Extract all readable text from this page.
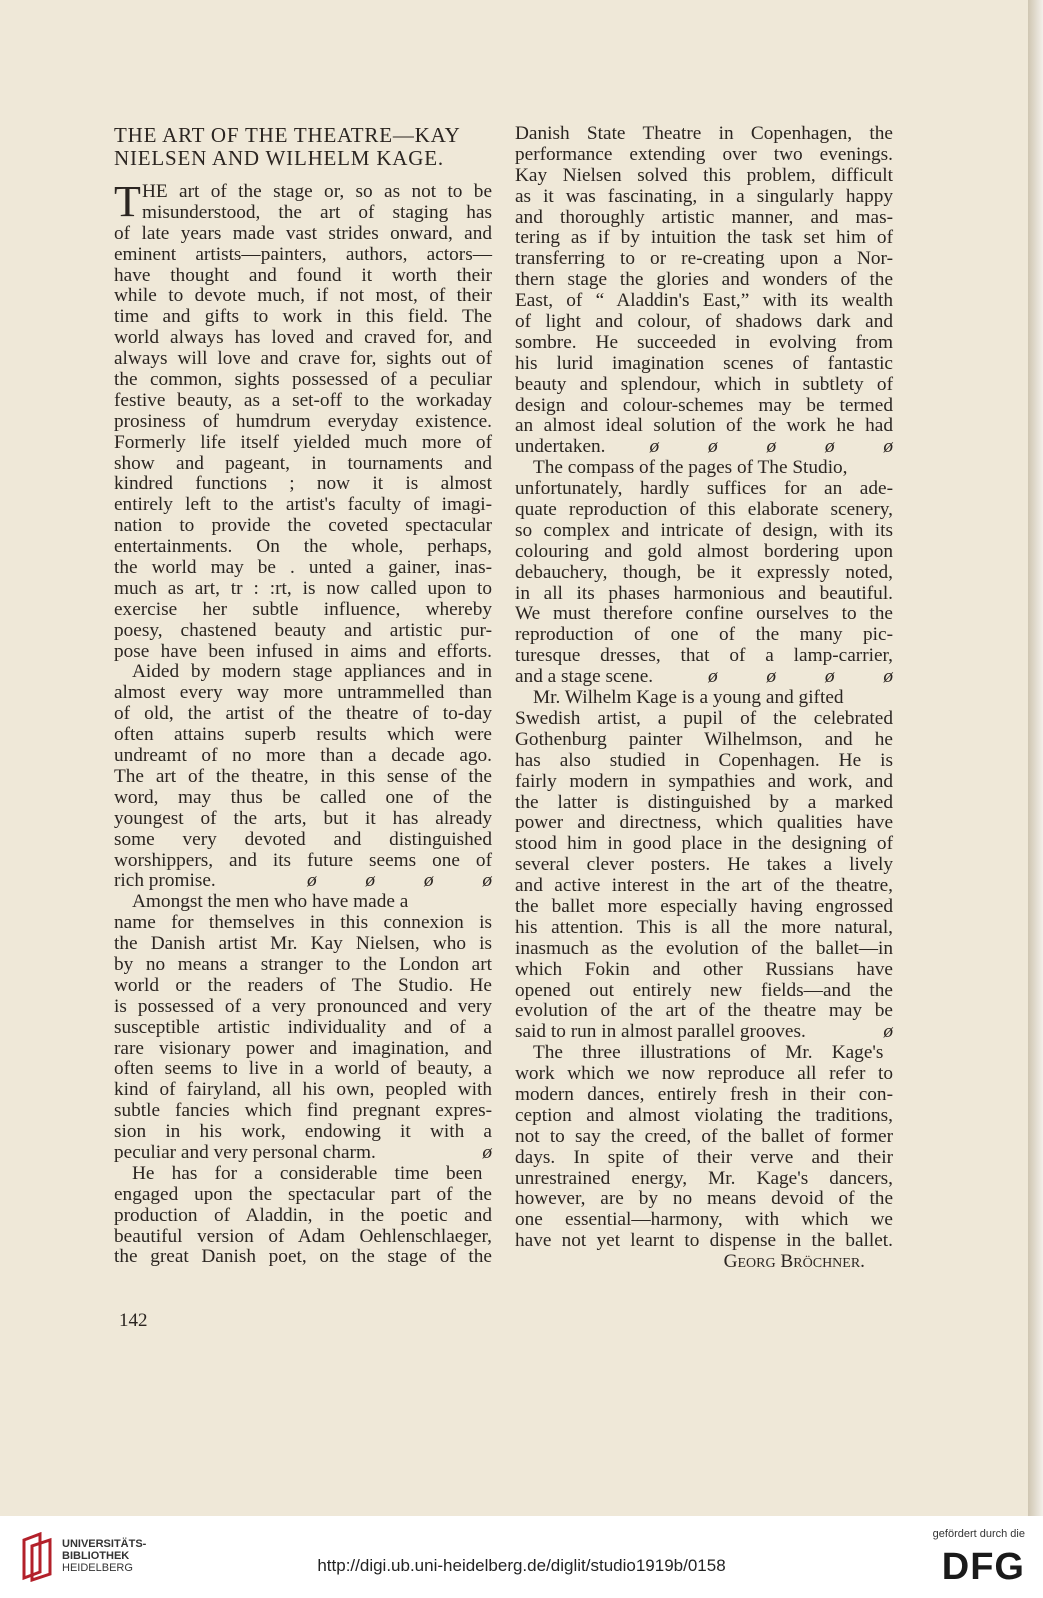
THE ART OF THE THEATRE—KAY
NIELSEN AND WILHELM KAGE.
T HE art of the stage or, so as not to be
misunderstood, the art of staging has
of late years made vast strides onward, and
eminent artists—painters, authors, actors—
have thought and found it worth their
while to devote much, if not most, of their
time and gifts to work in this field. The
world always has loved and craved for, and
always will love and crave for, sights out of
the common, sights possessed of a peculiar
festive beauty, as a set-off to the workaday
prosiness of humdrum everyday existence.
Formerly life itself yielded much more of
show and pageant, in tournaments and
kindred functions ; now it is almost
entirely left to the artist's faculty of imagi-
nation to provide the coveted spectacular
entertainments. On the whole, perhaps,
the world may be . unted a gainer, inas-
much as art, tr : :rt, is now called upon to
exercise her subtle influence, whereby
poesy, chastened beauty and artistic pur-
pose have been infused in aims and efforts.
Aided by modern stage appliances and in
almost every way more untrammelled than
of old, the artist of the theatre of to-day
often attains superb results which were
undreamt of no more than a decade ago.
The art of the theatre, in this sense of the
word, may thus be called one of the
youngest of the arts, but it has already
some very devoted and distinguished
worshippers, and its future seems one of
rich promise.	ø ø ø ø
Amongst the men who have made a
name for themselves in this connexion is
the Danish artist Mr. Kay Nielsen, who is
by no means a stranger to the London art
world or the readers of The Studio. He
is possessed of a very pronounced and very
susceptible artistic individuality and of a
rare visionary power and imagination, and
often seems to live in a world of beauty, a
kind of fairyland, all his own, peopled with
subtle fancies which find pregnant expres-
sion in his work, endowing it with a
peculiar and very personal charm.	ø
He has for a considerable time been
engaged upon the spectacular part of the
production of Aladdin, in the poetic and
beautiful version of Adam Oehlenschlaeger,
the great Danish poet, on the stage of the
Danish State Theatre in Copenhagen, the
performance extending over two evenings.
Kay Nielsen solved this problem, difficult
as it was fascinating, in a singularly happy
and thoroughly artistic manner, and mas-
tering as if by intuition the task set him of
transferring to or re-creating upon a Nor-
thern stage the glories and wonders of the
East, of “ Aladdin's East,” with its wealth
of light and colour, of shadows dark and
sombre. He succeeded in evolving from
his lurid imagination scenes of fantastic
beauty and splendour, which in subtlety of
design and colour-schemes may be termed
an almost ideal solution of the work he had
undertaken. ø ø ø ø ø
The compass of the pages of The Studio,
unfortunately, hardly suffices for an ade-
quate reproduction of this elaborate scenery,
so complex and intricate of design, with its
colouring and gold almost bordering upon
debauchery, though, be it expressly noted,
in all its phases harmonious and beautiful.
We must therefore confine ourselves to the
reproduction of one of the many pic-
turesque dresses, that of a lamp-carrier,
and a stage scene.	ø ø ø ø
Mr. Wilhelm Kage is a young and gifted
Swedish artist, a pupil of the celebrated
Gothenburg painter Wilhelmson, and he
has also studied in Copenhagen. He is
fairly modern in sympathies and work, and
the latter is distinguished by a marked
power and directness, which qualities have
stood him in good place in the designing of
several clever posters. He takes a lively
and active interest in the art of the theatre,
the ballet more especially having engrossed
his attention. This is all the more natural,
inasmuch as the evolution of the ballet—in
which Fokin and other Russians have
opened out entirely new fields—and the
evolution of the art of the theatre may be
said to run in almost parallel grooves.	ø
The three illustrations of Mr. Kage's
work which we now reproduce all refer to
modern dances, entirely fresh in their con-
ception and almost violating the traditions,
not to say the creed, of the ballet of former
days. In spite of their verve and their
unrestrained energy, Mr. Kage's dancers,
however, are by no means devoid of the
one essential—harmony, with which we
have not yet learnt to dispense in the ballet.
Georg Bröchner.
142
UNIVERSITÄTS-
BIBLIOTHEK
HEIDELBERG	http://digi.ub.uni-heidelberg.de/diglit/studio1919b/0158
gefördert durch die
DFG
